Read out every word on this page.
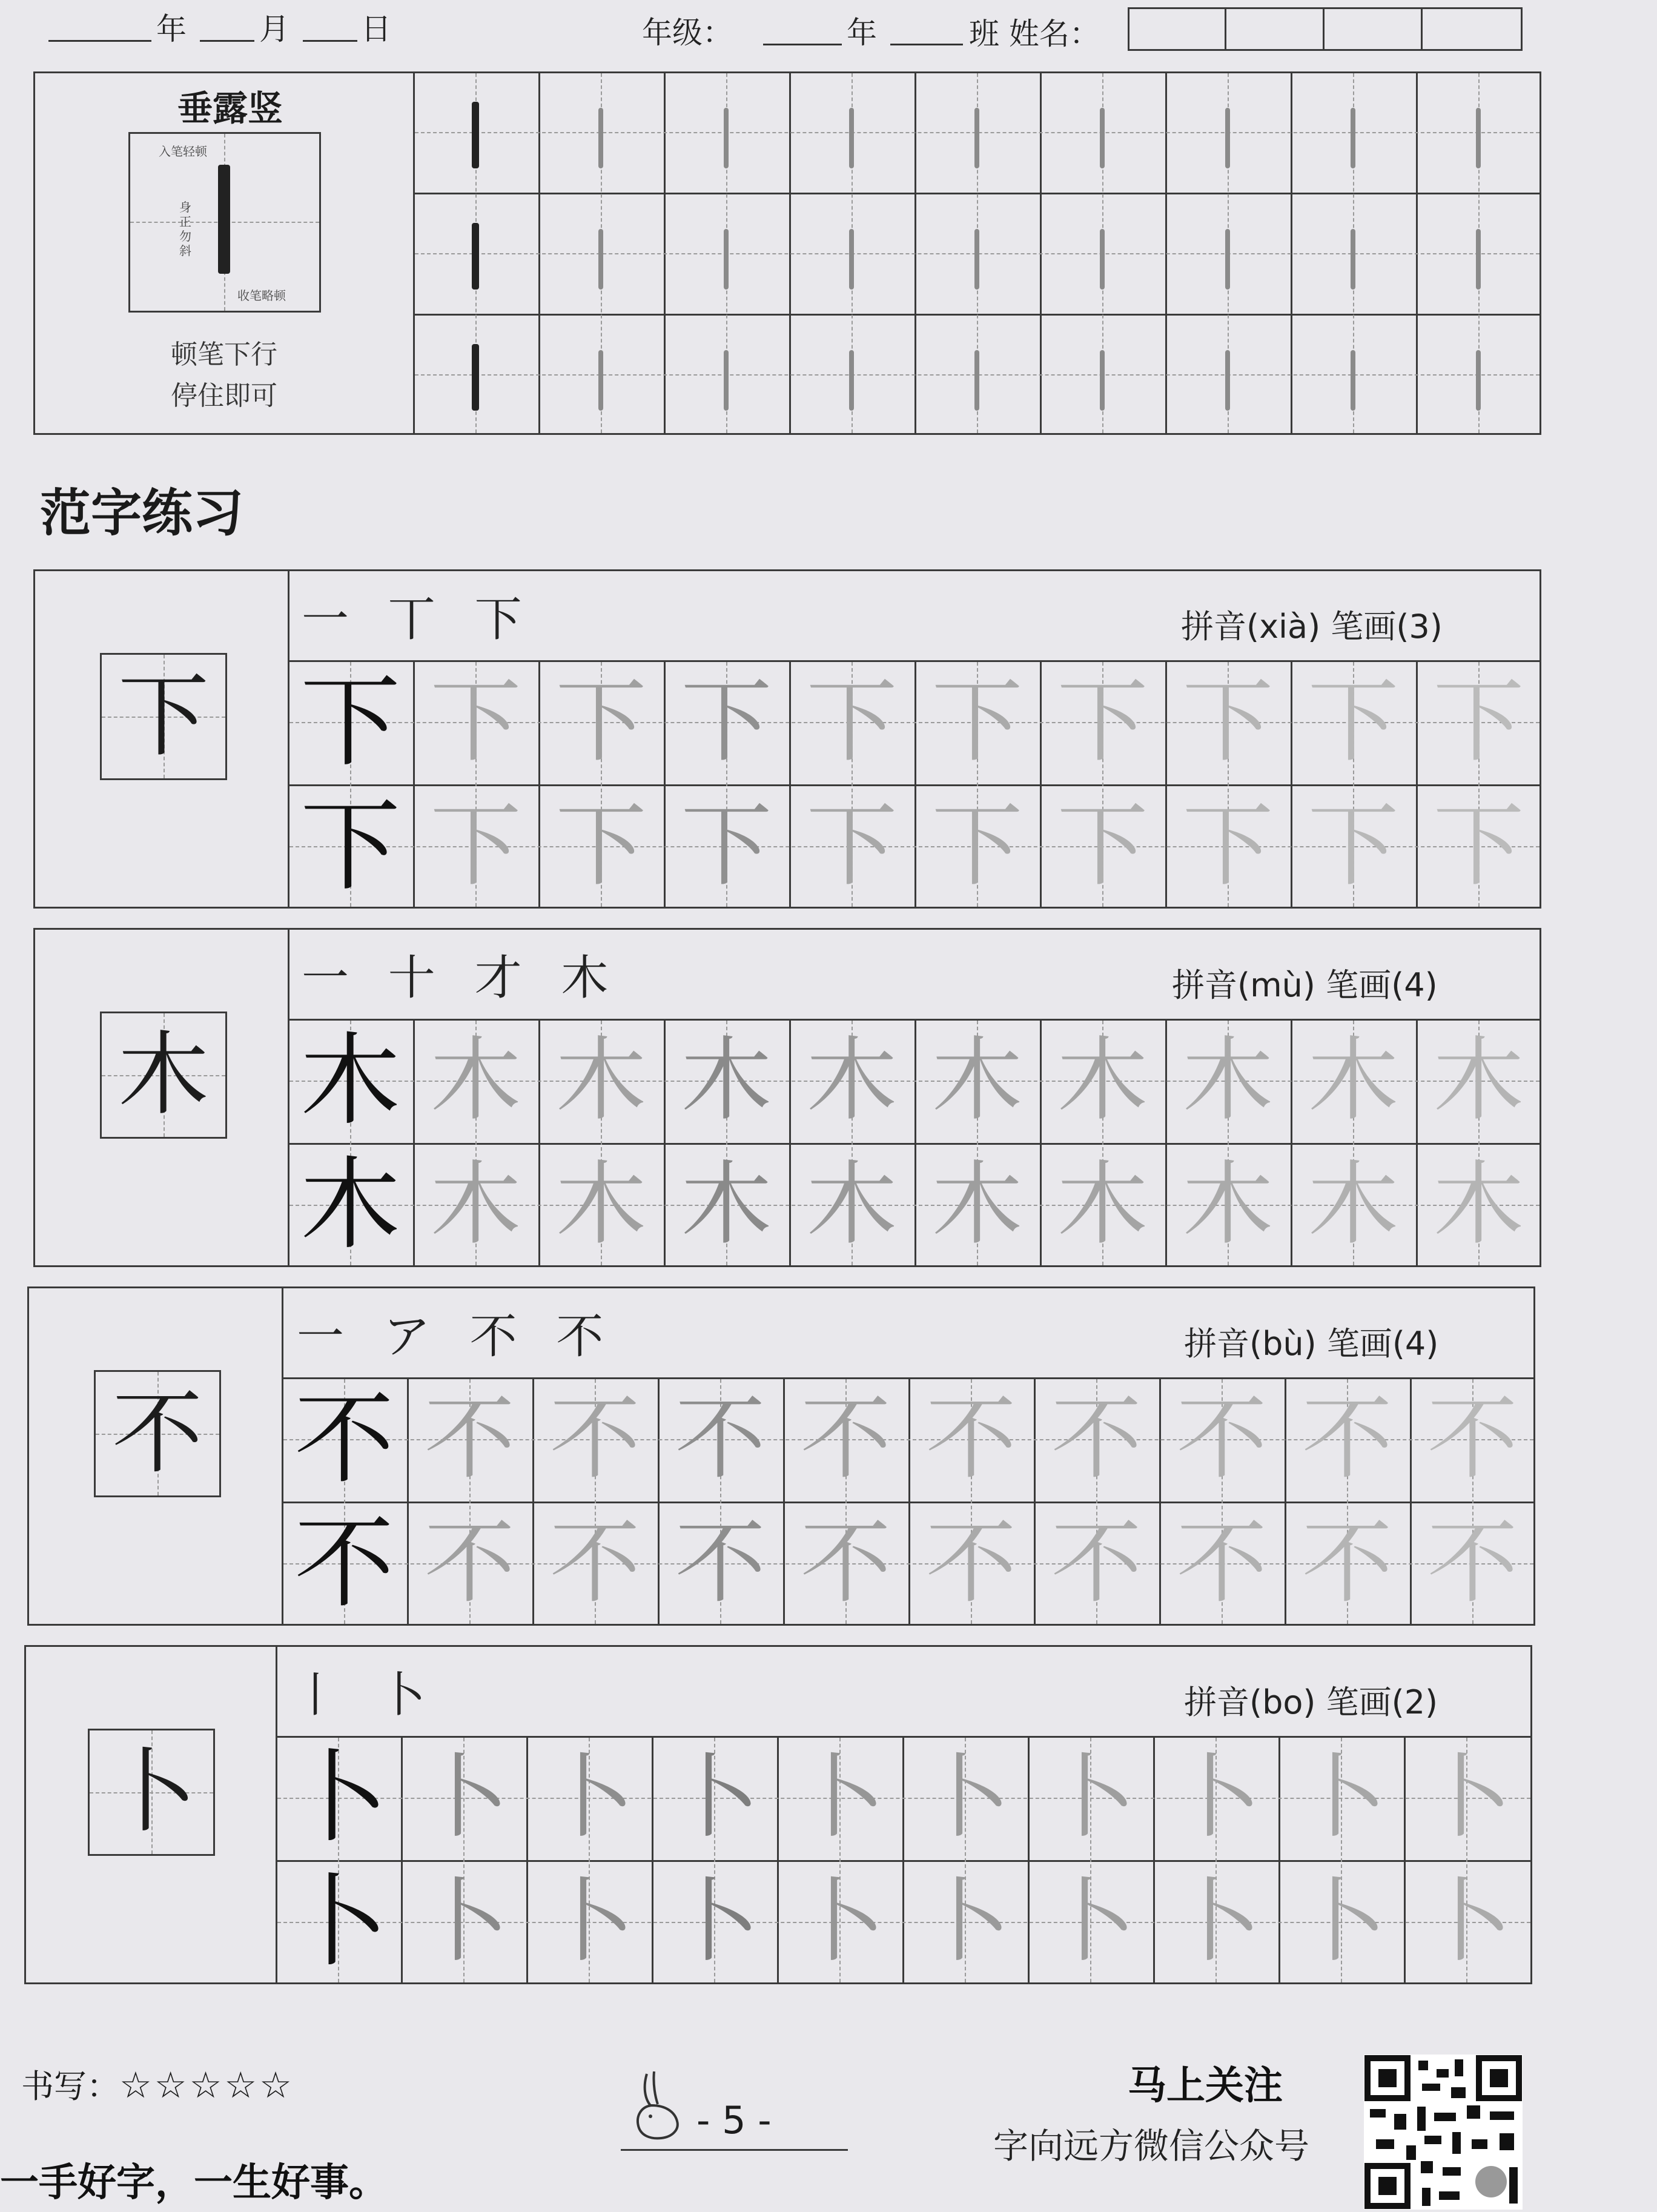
年 月 日	年级：	年	班 姓名：
垂露竖
入笔轻顿
身正勿斜
收笔略顿
顿笔下行
停住即可
范字练习
下
一 丅 下	拼音(xià) 笔画(3)
下
下
下 下 下 下 下 下 下 下 下
下 下 下 下 下 下 下 下 下
木
一 十 才 木	拼音(mù) 笔画(4)
木
木
木 木 木 木 木 木 木 木 木
木 木 木 木 木 木 木 木 木
不
一 ア 不 不	拼音(bù) 笔画(4)
不
不
不 不 不 不 不 不 不 不 不
不 不 不 不 不 不 不 不 不
卜
丨 卜	拼音(bo) 笔画(2)
卜
卜
卜 卜 卜 卜 卜 卜 卜 卜 卜
卜 卜 卜 卜 卜 卜 卜 卜 卜
书写：☆☆☆☆☆
- 5 -
一手好字，一生好事。
马上关注
字向远方微信公众号
